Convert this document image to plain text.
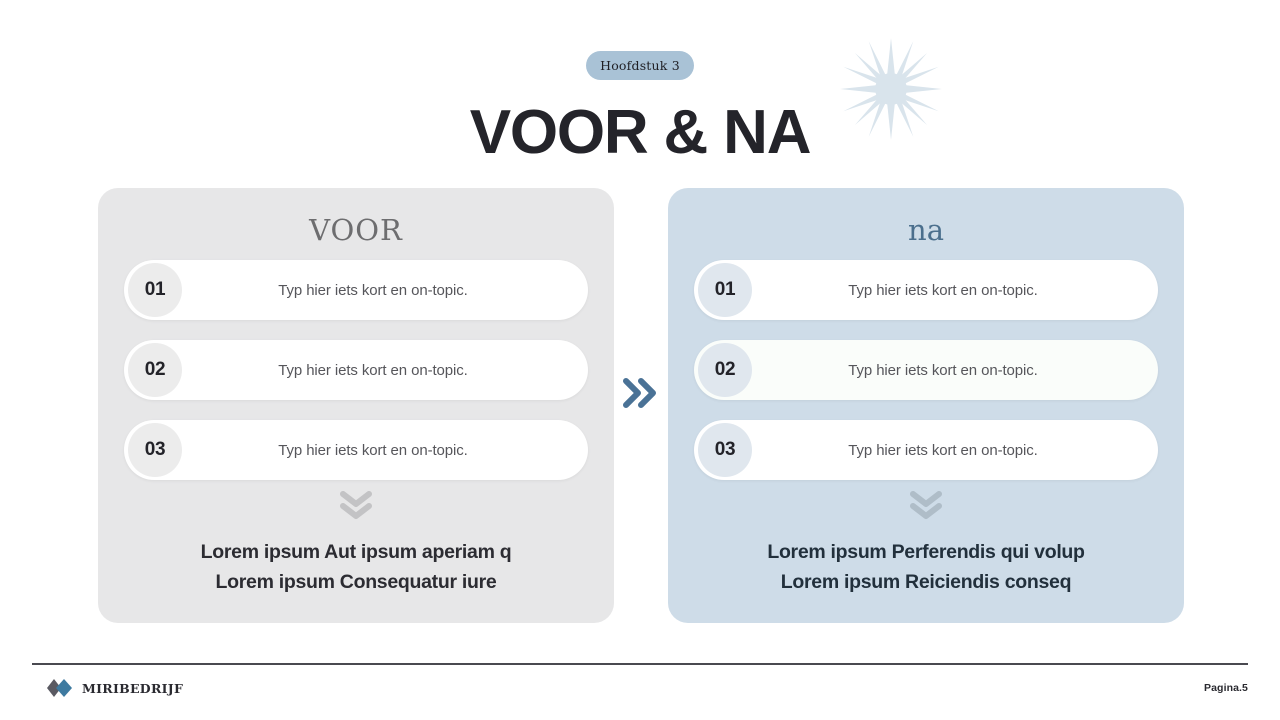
Hoofdstuk 3
VOOR & NA
VOOR
01	Typ hier iets kort en on-topic.
02	Typ hier iets kort en on-topic.
03	Typ hier iets kort en on-topic.
Lorem ipsum Aut ipsum aperiam q
Lorem ipsum Consequatur iure
na
01	Typ hier iets kort en on-topic.
02	Typ hier iets kort en on-topic.
03	Typ hier iets kort en on-topic.
Lorem ipsum Perferendis qui volup
Lorem ipsum Reiciendis conseq
MIRIBEDRIJF	Pagina.5
